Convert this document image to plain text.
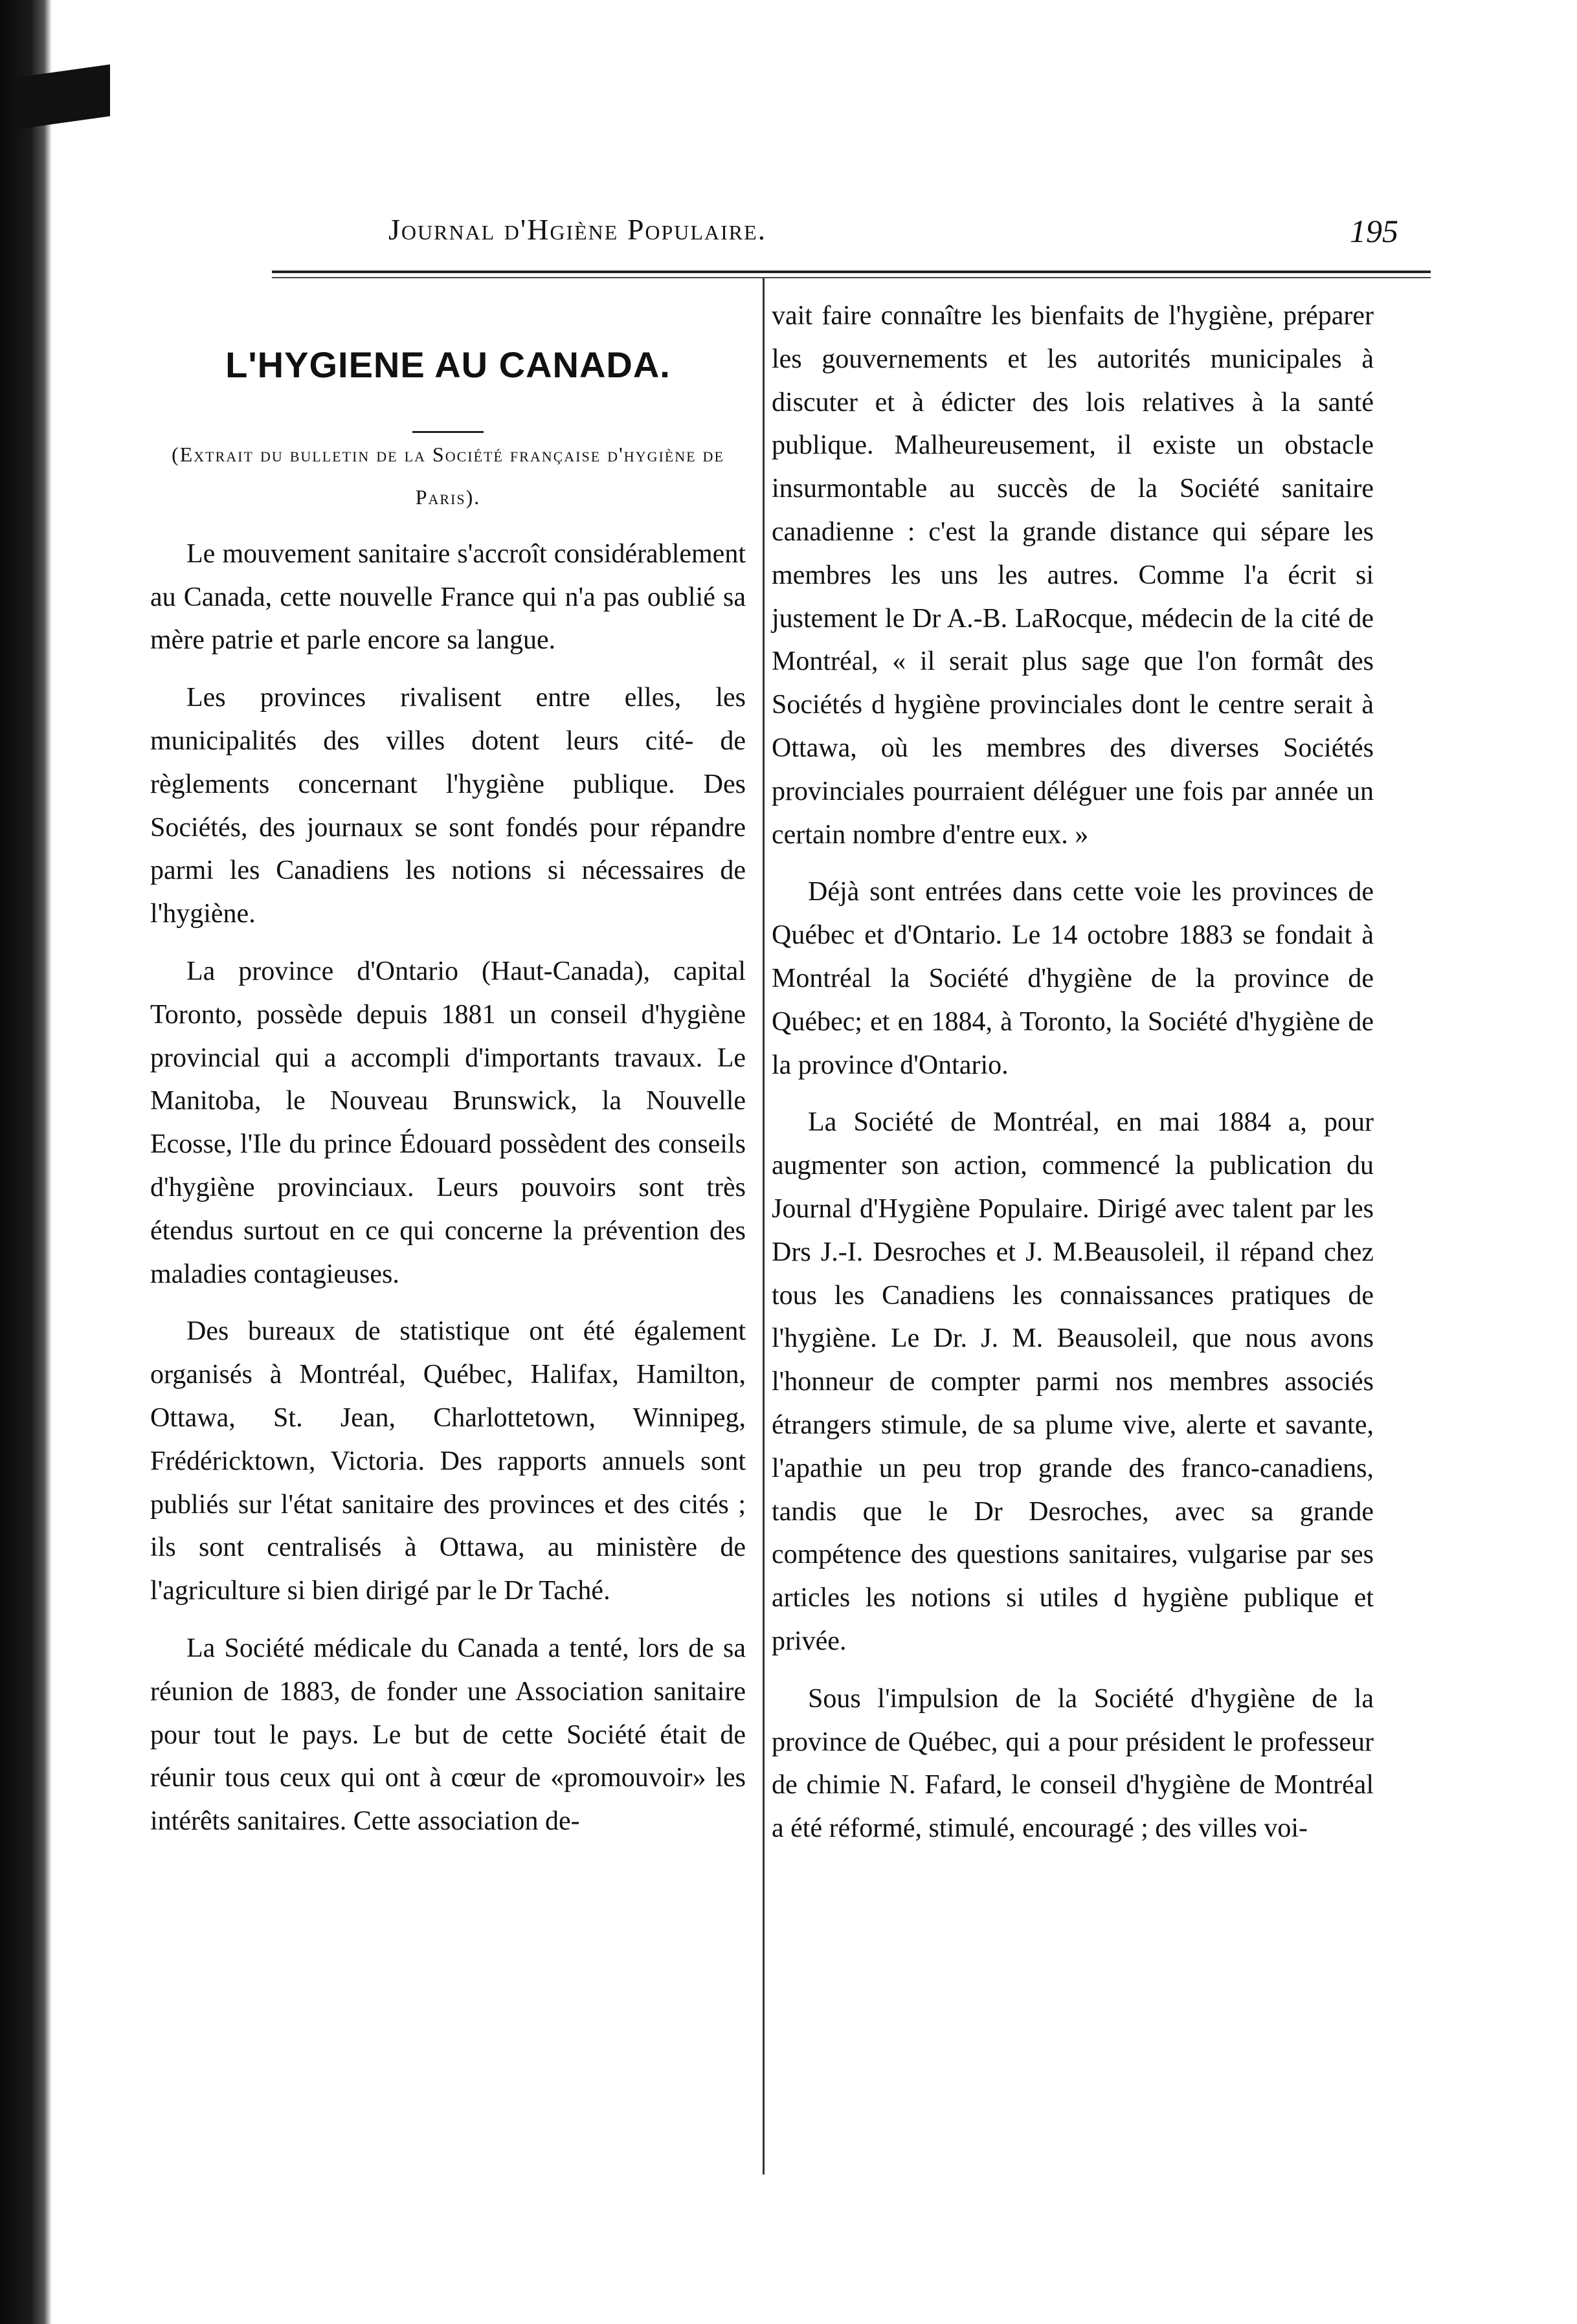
Journal d'Hgiène Populaire.	195
L'HYGIENE AU CANADA.

(Extrait du bulletin de la Société française d'hygiène de Paris).

Le mouvement sanitaire s'accroît considérablement au Canada, cette nouvelle France qui n'a pas oublié sa mère patrie et parle encore sa langue.

Les provinces rivalisent entre elles, les municipalités des villes dotent leurs cité- de règlements concernant l'hygiène publique. Des Sociétés, des journaux se sont fondés pour répandre parmi les Canadiens les notions si nécessaires de l'hygiène.

La province d'Ontario (Haut-Canada), capital Toronto, possède depuis 1881 un conseil d'hygiène provincial qui a accompli d'importants travaux. Le Manitoba, le Nouveau Brunswick, la Nouvelle Ecosse, l'Ile du prince Édouard possèdent des conseils d'hygiène provinciaux. Leurs pouvoirs sont très étendus surtout en ce qui concerne la prévention des maladies contagieuses.

Des bureaux de statistique ont été également organisés à Montréal, Québec, Halifax, Hamilton, Ottawa, St. Jean, Charlottetown, Winnipeg, Frédéricktown, Victoria. Des rapports annuels sont publiés sur l'état sanitaire des provinces et des cités ; ils sont centralisés à Ottawa, au ministère de l'agriculture si bien dirigé par le Dr Taché.

La Société médicale du Canada a tenté, lors de sa réunion de 1883, de fonder une Association sanitaire pour tout le pays. Le but de cette Société était de réunir tous ceux qui ont à cœur de «promouvoir» les intérêts sanitaires. Cette association de-

vait faire connaître les bienfaits de l'hygiène, préparer les gouvernements et les autorités municipales à discuter et à édicter des lois relatives à la santé publique. Malheureusement, il existe un obstacle insurmontable au succès de la Société sanitaire canadienne : c'est la grande distance qui sépare les membres les uns les autres. Comme l'a écrit si justement le Dr A.-B. LaRocque, médecin de la cité de Montréal, « il serait plus sage que l'on formât des Sociétés d hygiène provinciales dont le centre serait à Ottawa, où les membres des diverses Sociétés provinciales pourraient déléguer une fois par année un certain nombre d'entre eux. »

Déjà sont entrées dans cette voie les provinces de Québec et d'Ontario. Le 14 octobre 1883 se fondait à Montréal la Société d'hygiène de la province de Québec; et en 1884, à Toronto, la Société d'hygiène de la province d'Ontario.

La Société de Montréal, en mai 1884 a, pour augmenter son action, commencé la publication du Journal d'Hygiène Populaire. Dirigé avec talent par les Drs J.-I. Desroches et J. M.Beausoleil, il répand chez tous les Canadiens les connaissances pratiques de l'hygiène. Le Dr. J. M. Beausoleil, que nous avons l'honneur de compter parmi nos membres associés étrangers stimule, de sa plume vive, alerte et savante, l'apathie un peu trop grande des franco-canadiens, tandis que le Dr Desroches, avec sa grande compétence des questions sanitaires, vulgarise par ses articles les notions si utiles d hygiène publique et privée.

Sous l'impulsion de la Société d'hygiène de la province de Québec, qui a pour président le professeur de chimie N. Fafard, le conseil d'hygiène de Montréal a été réformé, stimulé, encouragé ; des villes voi-
